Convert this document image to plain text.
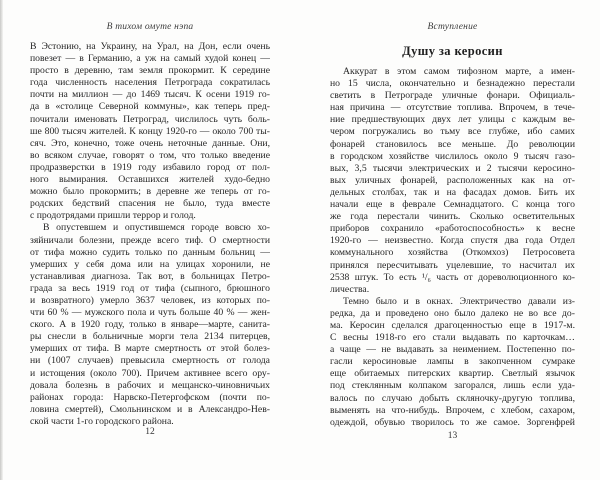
В тихом омуте нэпа	Вступление
Душу за керосин

В Эстонию, на Украину, на Урал, на Дон, если очень
повезет — в Германию, а уж на самый худой конец —
просто в деревню, там земля прокормит. К середине
года численность населения Петрограда сократилась
почти на миллион — до 1469 тысяч. К осени 1919 го-
да в «столице Северной коммуны», как теперь пред-
почитали именовать Петроград, числилось чуть боль-
ше 800 тысяч жителей. К концу 1920-го — около 700 ты-
сяч. Это, конечно, тоже очень неточные данные. Они,
во всяком случае, говорят о том, что только введение
продразверстки в 1919 году избавило город от пол-
ного вымирания. Оставшихся жителей худо-бедно
можно было прокормить; в деревне же теперь от го-
родских бедствий спасения не было, туда вместе
с продотрядами пришли террор и голод.

В опустевшем и опустившемся городе вовсю хо-
зяйничали болезни, прежде всего тиф. О смертности
от тифа можно судить только по данным больниц —
умерших у себя дома или на улицах хоронили, не
устанавливая диагноза. Так вот, в больницах Петро-
града за весь 1919 год от тифа (сыпного, брюшного
и возвратного) умерло 3637 человек, из которых по-
чти 60 % — мужского пола и чуть больше 40 % — жен-
ского. А в 1920 году, только в январе—марте, санита-
ры снесли в больничные морги тела 2134 питерцев,
умерших от тифа. В марте смертность от этой болез-
ни (1007 случаев) превысила смертность от голода
и истощения (около 700). Причем активнее всего ору-
довала болезнь в рабочих и мещанско-чиновничьих
районах города: Нарвско-Петергофском (почти по-
ловина смертей), Смольнинском и в Александро-Нев-
ской части 1-го городского района.

Аккурат в этом самом тифозном марте, а имен-
но 15 числа, окончательно и безнадежно перестали
светить в Петрограде уличные фонари. Официаль-
ная причина — отсутствие топлива. Впрочем, в тече-
ние предшествующих двух лет улицы с каждым ве-
чером погружались во тьму все глубже, ибо самих
фонарей становилось все меньше. До революции
в городском хозяйстве числилось около 9 тысяч газо-
вых, 3,5 тысячи электрических и 2 тысячи керосино-
вых уличных фонарей, расположенных как на от-
дельных столбах, так и на фасадах домов. Бить их
начали еще в феврале Семнадцатого. С конца того
же года перестали чинить. Сколько осветительных
приборов сохранило «работоспособность» к весне
1920-го — неизвестно. Когда спустя два года Отдел
коммунального хозяйства (Откомхоз) Петросовета
принялся пересчитывать уцелевшие, то насчитал их
2538 штук. То есть ¹/₆ часть от дореволюционного ко-
личества.

Темно было и в окнах. Электричество давали из-
редка, да и проведено оно было далеко не во все до-
ма. Керосин сделался драгоценностью еще в 1917-м.
С весны 1918-го его стали выдавать по карточкам…
а чаще — не выдавать за неимением. Постепенно по-
гасли керосиновые лампы в закопченном сумраке
еще обитаемых питерских квартир. Светлый язычок
под стеклянным колпаком загорался, лишь если уда-
валось по случаю добыть скляночку-другую топлива,
выменять на что-нибудь. Впрочем, с хлебом, сахаром,
одеждой, обувью творилось то же самое. Зоргенфрей

12	13
